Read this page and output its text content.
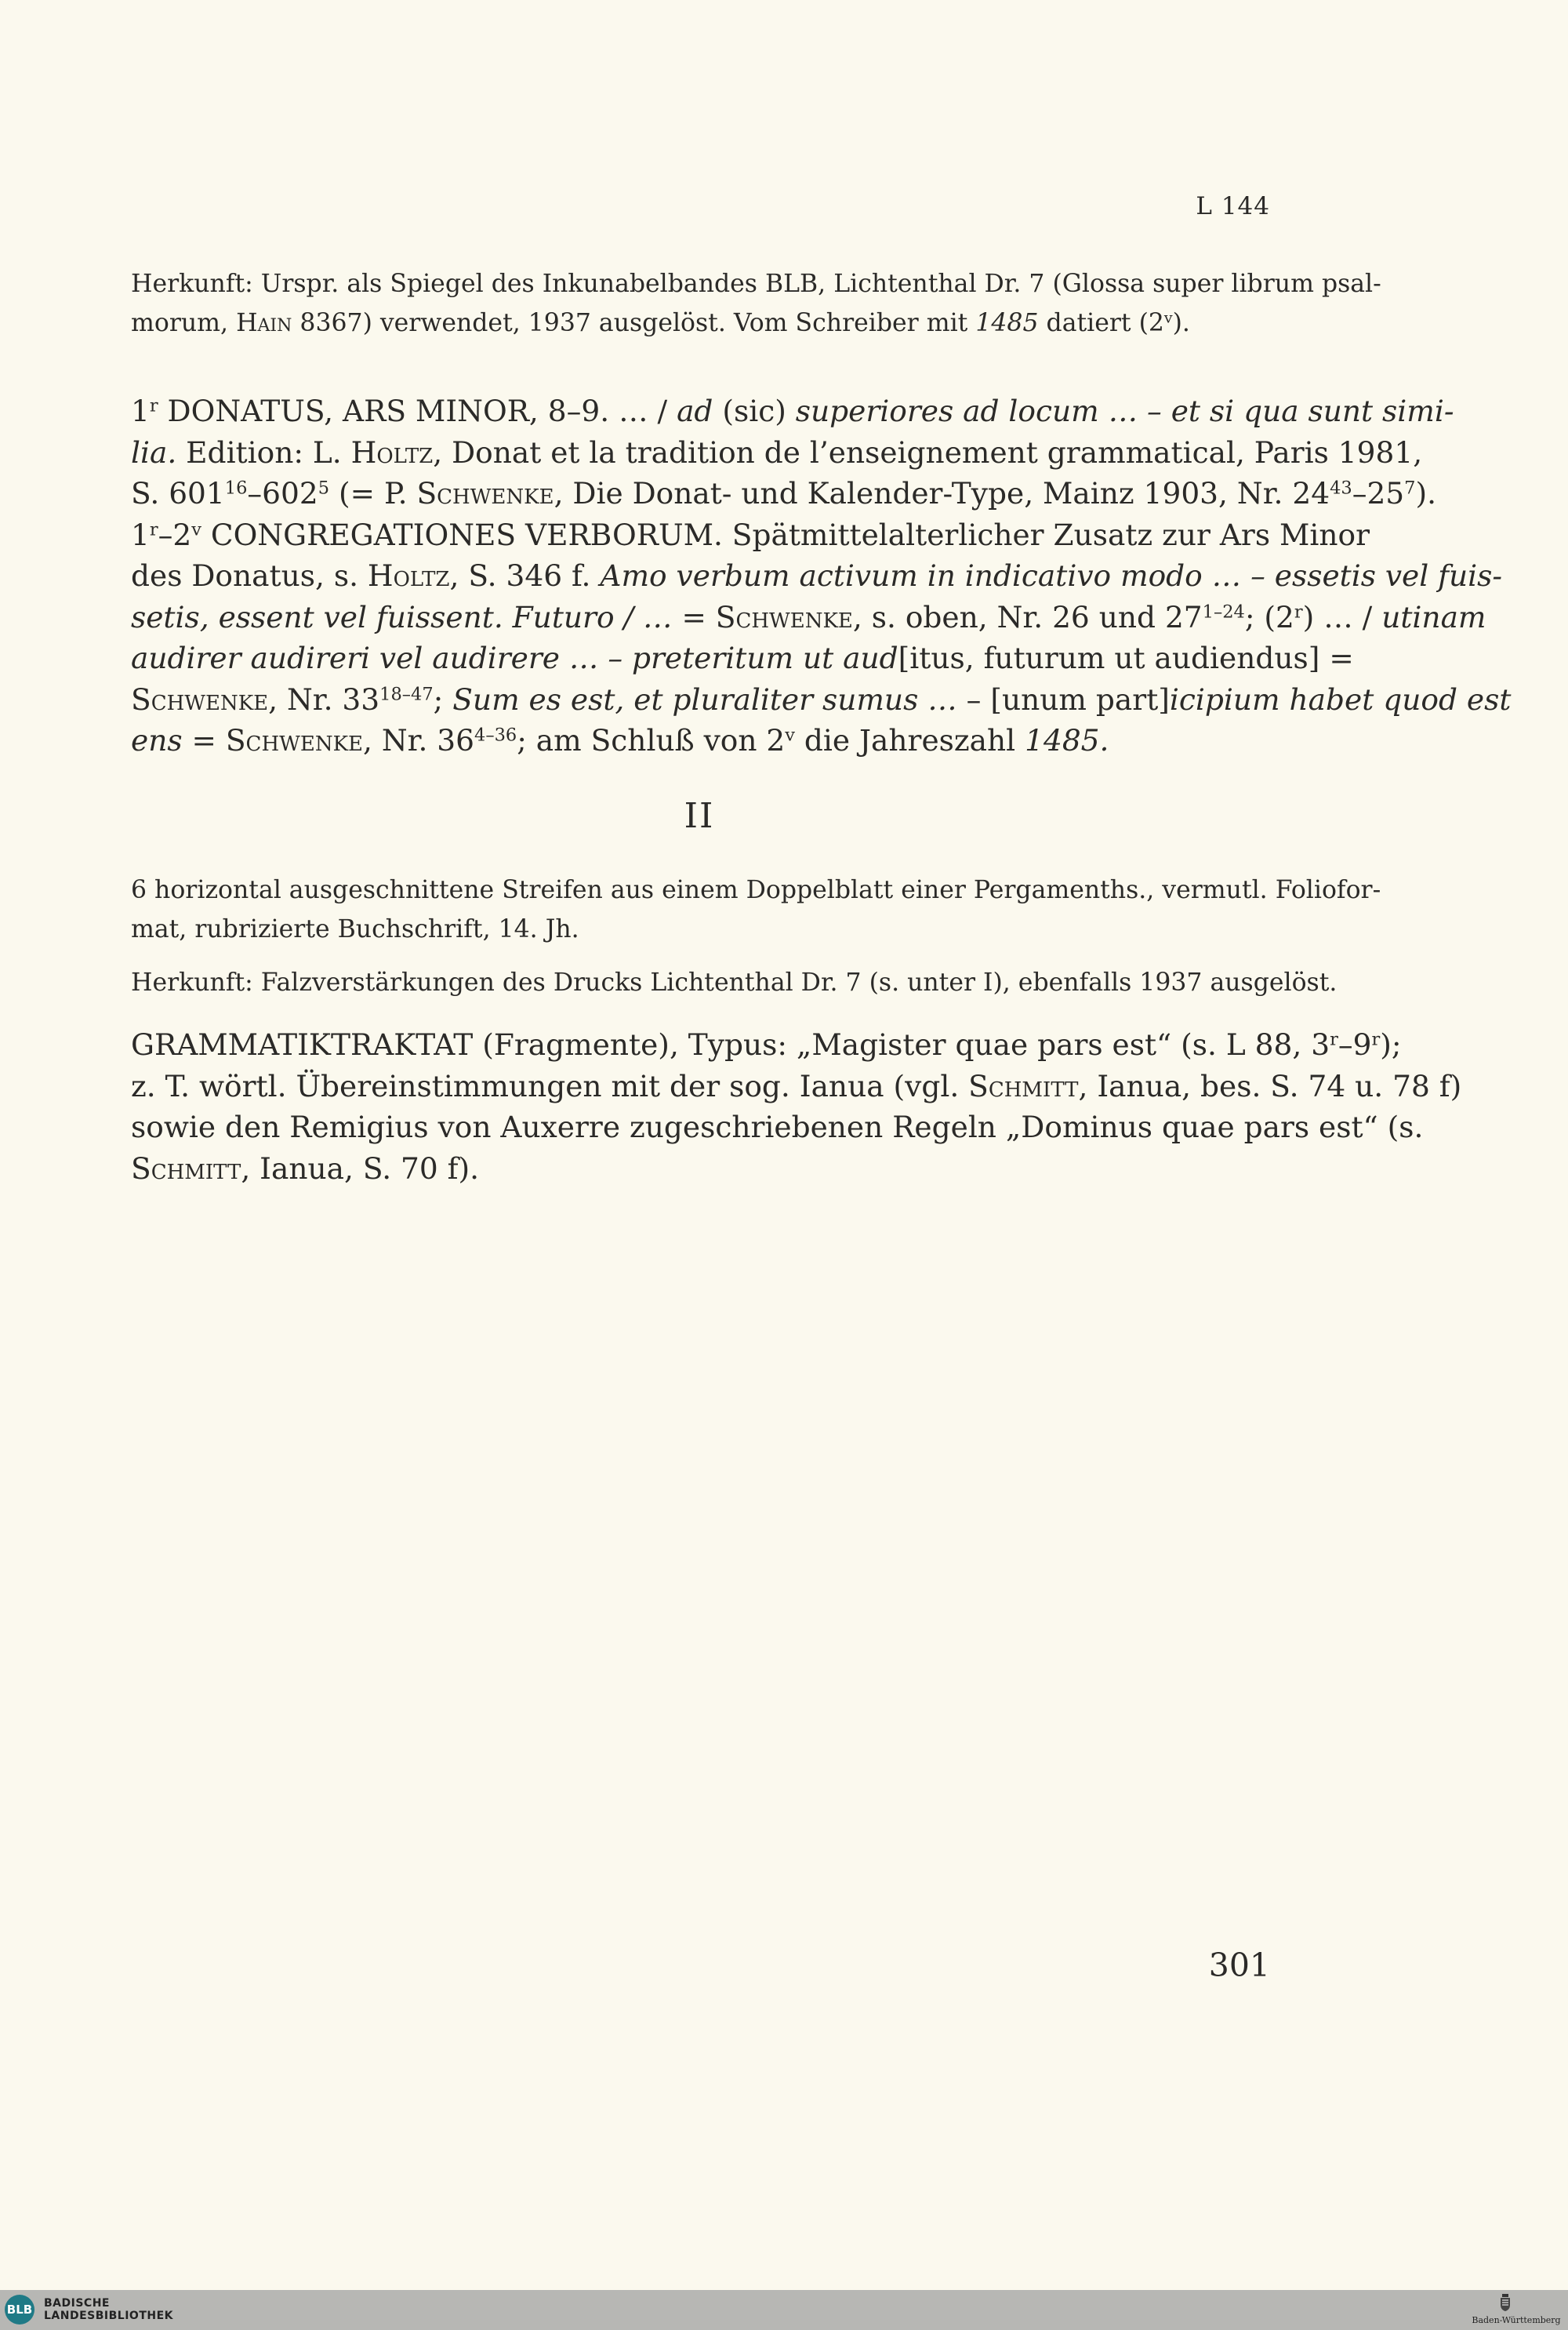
L 144
Herkunft: Urspr. als Spiegel des Inkunabelbandes BLB, Lichtenthal Dr. 7 (Glossa super librum psal-
morum, Hain 8367) verwendet, 1937 ausgelöst. Vom Schreiber mit 1485 datiert (2$^v$).
1$^r$ DONATUS, ARS MINOR, 8–9. … / ad (sic) superiores ad locum … – et si qua sunt simi-
lia. Edition: L. Holtz, Donat et la tradition de l’enseignement grammatical, Paris 1981,
S. $601^{16}-602^5$ (= P. Schwenke, Die Donat- und Kalender-Type, Mainz 1903, Nr. $24^{43}-25^7$).
1$^r$–2$^v$ CONGREGATIONES VERBORUM. Spätmittelalterlicher Zusatz zur Ars Minor
des Donatus, s. Holtz, S. 346 f. Amo verbum activum in indicativo modo … – essetis vel fuis-
setis, essent vel fuissent. Futuro / … = Schwenke, s. oben, Nr. 26 und 27$^{1-24}$; (2$^r$) … / utinam
audirer audireri vel audirere … – preteritum ut aud[itus, futurum ut audiendus] =
Schwenke, Nr. 33$^{18-47}$; Sum es est, et pluraliter sumus … – [unum part]icipium habet quod est
ens = Schwenke, Nr. 36$^{4-36}$; am Schluß von 2$^v$ die Jahreszahl 1485.
II
6 horizontal ausgeschnittene Streifen aus einem Doppelblatt einer Pergamenths., vermutl. Foliofor-
mat, rubrizierte Buchschrift, 14. Jh.
Herkunft: Falzverstärkungen des Drucks Lichtenthal Dr. 7 (s. unter I), ebenfalls 1937 ausgelöst.
GRAMMATIKTRAKTAT (Fragmente), Typus: „Magister quae pars est“ (s. L 88, 3$^r$–9$^r$);
z. T. wörtl. Übereinstimmungen mit der sog. Ianua (vgl. Schmitt, Ianua, bes. S. 74 u. 78 f)
sowie den Remigius von Auxerre zugeschriebenen Regeln „Dominus quae pars est“ (s.
Schmitt, Ianua, S. 70 f).
301
BLB BADISCHE
LANDESBIBLIOTHEK	Baden-Württemberg
